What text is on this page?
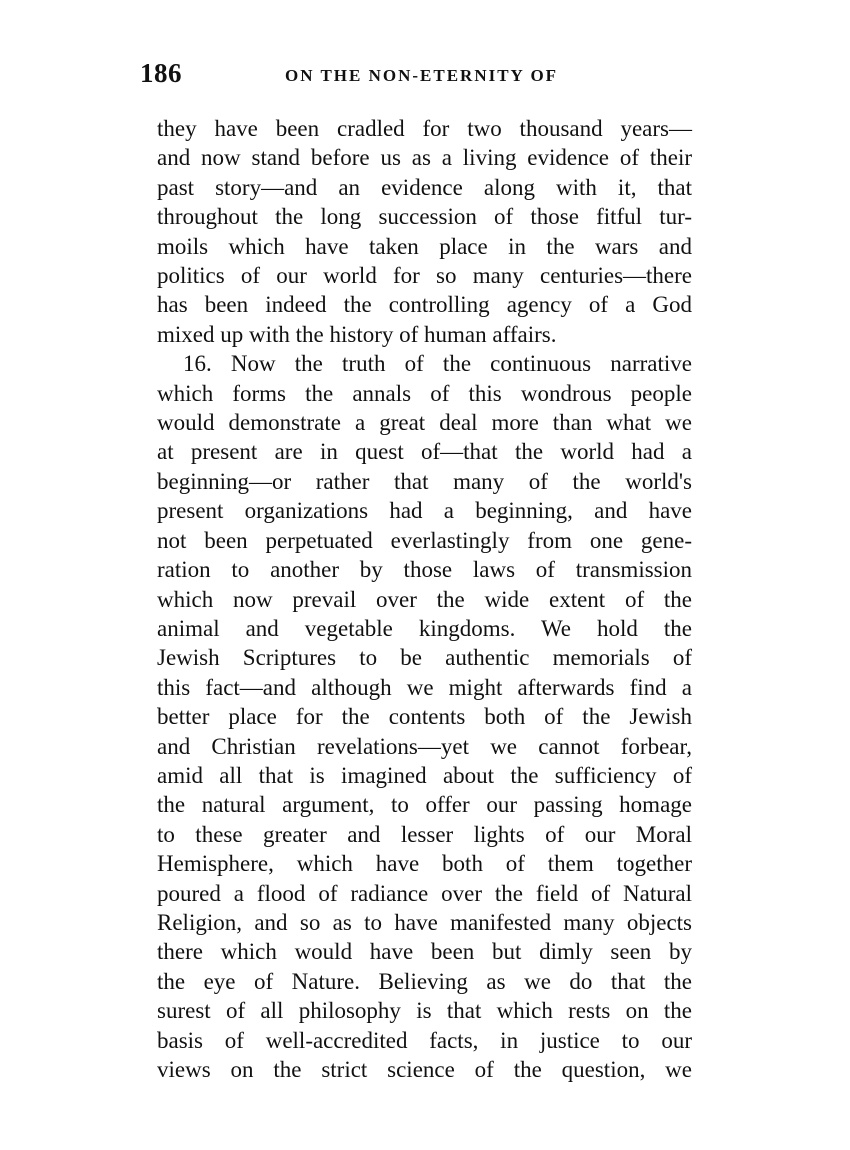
186	ON THE NON-ETERNITY OF
they have been cradled for two thousand years—
and now stand before us as a living evidence of their
past story—and an evidence along with it, that
throughout the long succession of those fitful tur-
moils which have taken place in the wars and
politics of our world for so many centuries—there
has been indeed the controlling agency of a God
mixed up with the history of human affairs.
16. Now the truth of the continuous narrative
which forms the annals of this wondrous people
would demonstrate a great deal more than what we
at present are in quest of—that the world had a
beginning—or rather that many of the world's
present organizations had a beginning, and have
not been perpetuated everlastingly from one gene-
ration to another by those laws of transmission
which now prevail over the wide extent of the
animal and vegetable kingdoms. We hold the
Jewish Scriptures to be authentic memorials of
this fact—and although we might afterwards find a
better place for the contents both of the Jewish
and Christian revelations—yet we cannot forbear,
amid all that is imagined about the sufficiency of
the natural argument, to offer our passing homage
to these greater and lesser lights of our Moral
Hemisphere, which have both of them together
poured a flood of radiance over the field of Natural
Religion, and so as to have manifested many objects
there which would have been but dimly seen by
the eye of Nature. Believing as we do that the
surest of all philosophy is that which rests on the
basis of well-accredited facts, in justice to our
views on the strict science of the question, we
